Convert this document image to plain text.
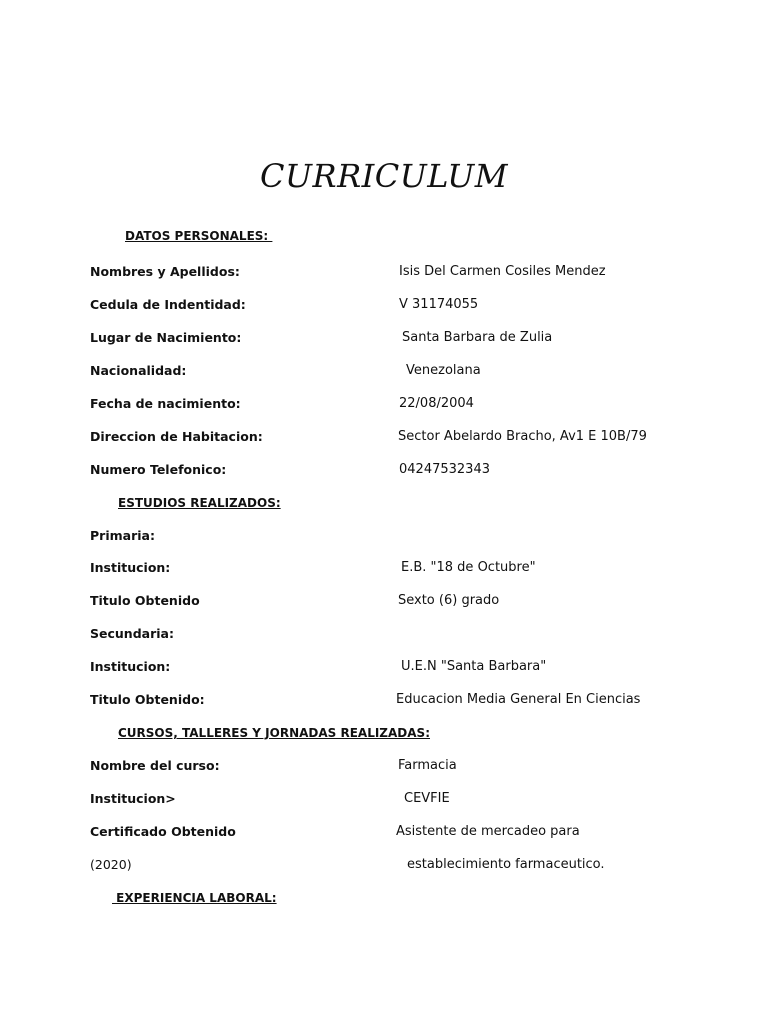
CURRICULUM
DATOS PERSONALES:
Nombres y Apellidos:	Isis Del Carmen Cosiles Mendez
Cedula de Indentidad:	V 31174055
Lugar de Nacimiento:	Santa Barbara de Zulia
Nacionalidad:	Venezolana
Fecha de nacimiento:	22/08/2004
Direccion de Habitacion:	Sector Abelardo Bracho, Av1 E 10B/79
Numero Telefonico:	04247532343
ESTUDIOS REALIZADOS:
Primaria:
Institucion:	E.B. "18 de Octubre"
Titulo Obtenido	Sexto (6) grado
Secundaria:
Institucion:	U.E.N "Santa Barbara"
Titulo Obtenido:	Educacion Media General En Ciencias
CURSOS, TALLERES Y JORNADAS REALIZADAS:
Nombre del curso:	Farmacia
Institucion>	CEVFIE
Certificado Obtenido	Asistente de mercadeo para
(2020)	establecimiento farmaceutico.
EXPERIENCIA LABORAL:
